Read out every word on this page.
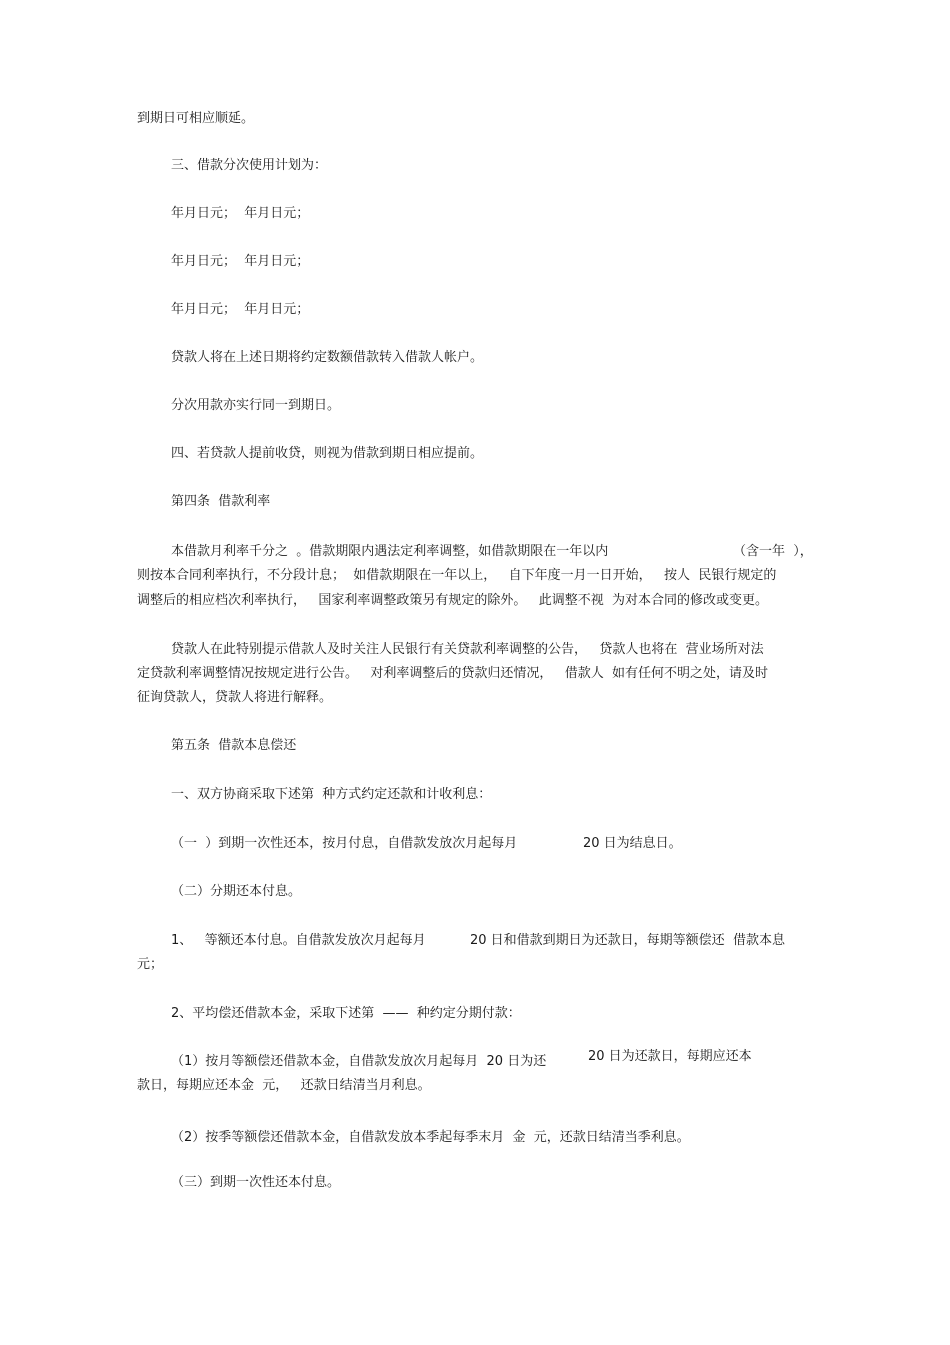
到期日可相应顺延。

三、借款分次使用计划为：

年月日元；  年月日元；

年月日元；  年月日元；

年月日元；  年月日元；

贷款人将在上述日期将约定数额借款转入借款人帐户。

分次用款亦实行同一到期日。

四、若贷款人提前收贷，则视为借款到期日相应提前。

第四条  借款利率

本借款月利率千分之  。借款期限内遇法定利率调整，如借款期限在一年以内	（含一年  ），

则按本合同利率执行，不分段计息；  如借款期限在一年以上，   自下年度一月一日开始，   按人  民银行规定的

调整后的相应档次利率执行，   国家利率调整政策另有规定的除外。   此调整不视  为对本合同的修改或变更。

贷款人在此特别提示借款人及时关注人民银行有关贷款利率调整的公告，   贷款人也将在  营业场所对法

定贷款利率调整情况按规定进行公告。   对利率调整后的贷款归还情况，   借款人  如有任何不明之处，请及时

征询贷款人，贷款人将进行解释。

第五条  借款本息偿还

一、双方协商采取下述第  种方式约定还款和计收利息：

（一  ）到期一次性还本，按月付息，自借款发放次月起每月	20 日为结息日。

（二）分期还本付息。

1、   等额还本付息。自借款发放次月起每月	20 日和借款到期日为还款日，每期等额偿还  借款本息

元；

2、平均偿还借款本金，采取下述第  ——  种约定分期付款：

（1）按月等额偿还借款本金，自借款发放次月起每月  20 日为还	20 日为还款日，每期应还本

款日，每期应还本金  元，   还款日结清当月利息。

（2）按季等额偿还借款本金，自借款发放本季起每季末月  金  元，还款日结清当季利息。

（三）到期一次性还本付息。
